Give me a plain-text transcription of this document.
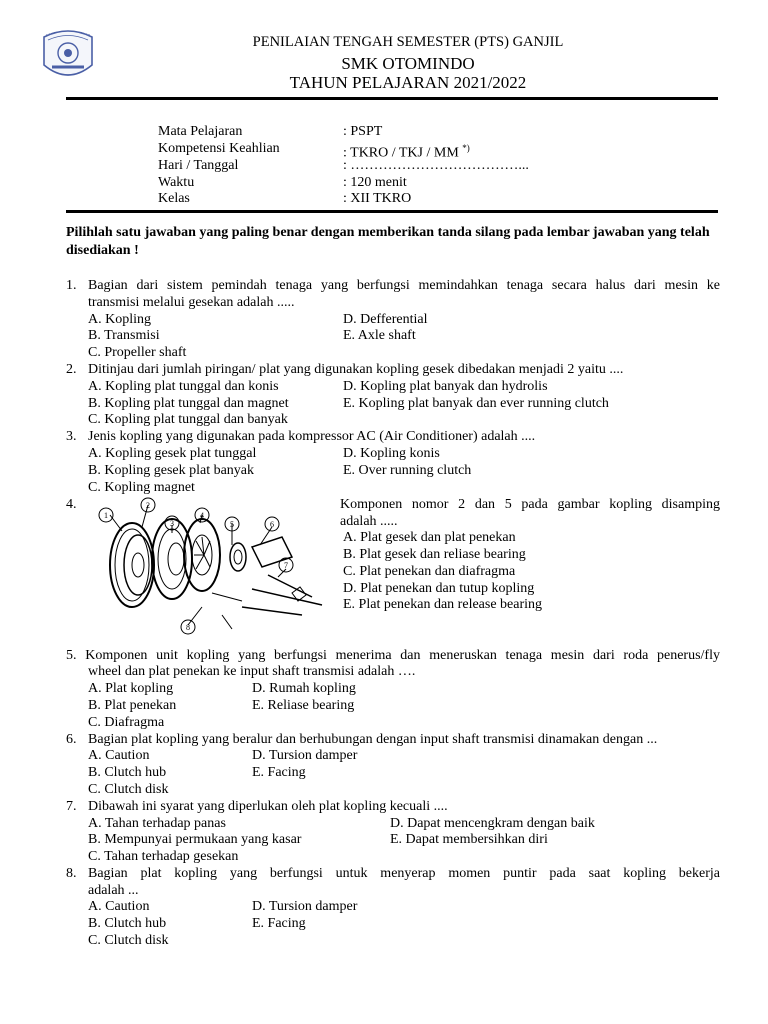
PENILAIAN TENGAH SEMESTER (PTS) GANJIL
SMK OTOMINDO
TAHUN PELAJARAN 2021/2022
Mata Pelajaran	: PSPT
Kompetensi Keahlian	: TKRO / TKJ / MM *)
Hari / Tanggal	: ………………………………...
Waktu	: 120 menit
Kelas	: XII TKRO
Pilihlah satu jawaban yang paling benar dengan memberikan tanda silang pada lembar jawaban yang telah disediakan !
1. Bagian dari sistem pemindah tenaga yang berfungsi memindahkan tenaga secara halus dari mesin ke
transmisi melalui gesekan adalah .....
A. Kopling	D. Defferential
B. Transmisi	E. Axle shaft
C. Propeller shaft
2. Ditinjau dari jumlah piringan/ plat yang digunakan kopling gesek dibedakan menjadi 2 yaitu ....
A. Kopling plat tunggal dan konis	D. Kopling plat banyak dan hydrolis
B. Kopling plat tunggal dan magnet	E. Kopling plat banyak dan ever running clutch
C. Kopling plat tunggal dan banyak
3. Jenis kopling yang digunakan pada kompressor AC (Air Conditioner) adalah ....
A. Kopling gesek plat tunggal	D. Kopling konis
B. Kopling gesek plat banyak	E. Over running clutch
C. Kopling magnet
4.	Komponen nomor 2 dan 5 pada gambar kopling disamping
adalah .....
A. Plat gesek dan plat penekan
B. Plat gesek dan reliase bearing
C. Plat penekan dan diafragma
D. Plat penekan dan tutup kopling
E. Plat penekan dan release bearing
1
2
3
4
5	6
7
8
5. Komponen unit kopling yang berfungsi menerima dan meneruskan tenaga mesin dari roda penerus/fly
wheel dan plat penekan ke input shaft transmisi adalah ….
A. Plat kopling	D. Rumah kopling
B. Plat penekan	E. Reliase bearing
C. Diafragma
6. Bagian plat kopling yang beralur dan berhubungan dengan input shaft transmisi dinamakan dengan ...
A. Caution	D. Tursion damper
B. Clutch hub	E. Facing
C. Clutch disk
7. Dibawah ini syarat yang diperlukan oleh plat kopling kecuali ....
A. Tahan terhadap panas	D. Dapat mencengkram dengan baik
B. Mempunyai permukaan yang kasar	E. Dapat membersihkan diri
C. Tahan terhadap gesekan
8. Bagian plat kopling yang berfungsi untuk menyerap momen puntir pada saat kopling bekerja
adalah ...
A. Caution	D. Tursion damper
B. Clutch hub	E. Facing
C. Clutch disk
